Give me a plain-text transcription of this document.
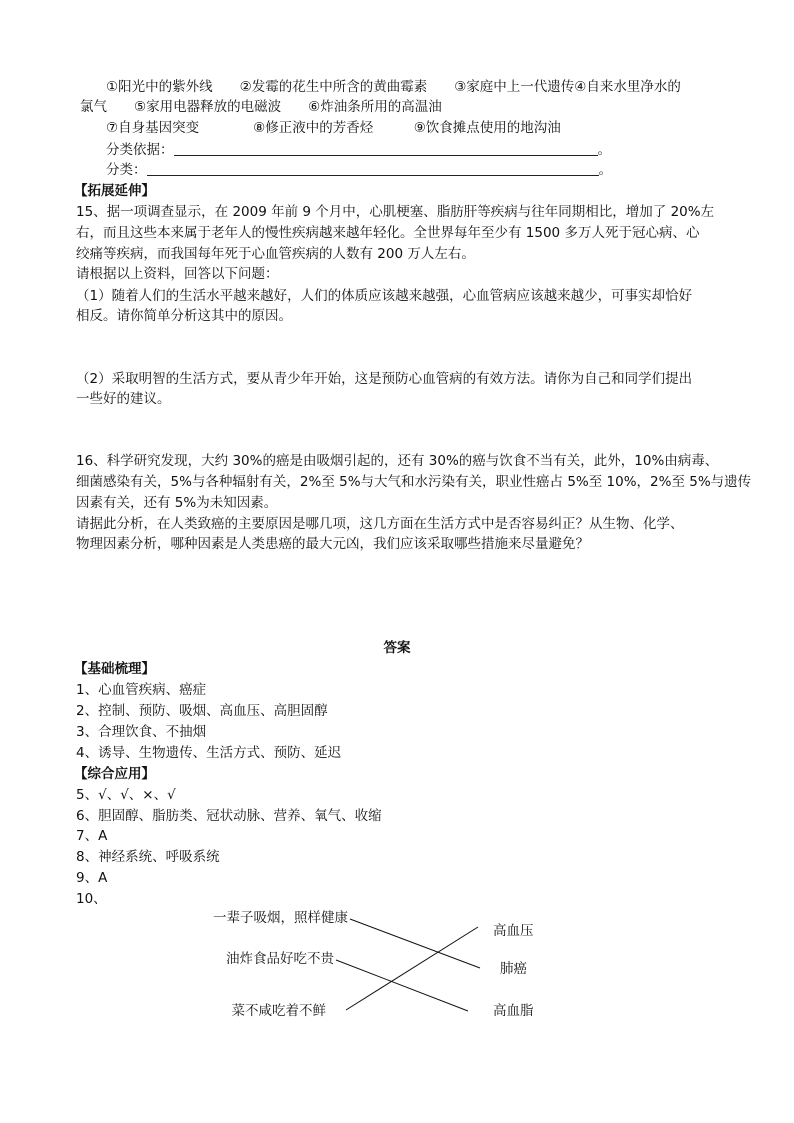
①阳光中的紫外线　　②发霉的花生中所含的黄曲霉素　　③家庭中上一代遗传④自来水里净水的
氯气　　⑤家用电器释放的电磁波　　⑥炸油条所用的高温油
⑦自身基因突变　　　　⑧修正液中的芳香烃　　　⑨饮食摊点使用的地沟油
分类依据：	。
分类：	。
【拓展延伸】
15、据一项调查显示，在 2009 年前 9 个月中，心肌梗塞、脂肪肝等疾病与往年同期相比，增加了 20%左
右，而且这些本来属于老年人的慢性疾病越来越年轻化。全世界每年至少有 1500 多万人死于冠心病、心
绞痛等疾病，而我国每年死于心血管疾病的人数有 200 万人左右。
请根据以上资料，回答以下问题：
（1）随着人们的生活水平越来越好，人们的体质应该越来越强，心血管病应该越来越少，可事实却恰好
相反。请你简单分析这其中的原因。
（2）采取明智的生活方式，要从青少年开始，这是预防心血管病的有效方法。请你为自己和同学们提出
一些好的建议。
16、科学研究发现，大约 30%的癌是由吸烟引起的，还有 30%的癌与饮食不当有关，此外，10%由病毒、
细菌感染有关，5%与各种辐射有关，2%至 5%与大气和水污染有关，职业性癌占 5%至 10%，2%至 5%与遗传
因素有关，还有 5%为未知因素。
请据此分析，在人类致癌的主要原因是哪几项，这几方面在生活方式中是否容易纠正？从生物、化学、
物理因素分析，哪种因素是人类患癌的最大元凶，我们应该采取哪些措施来尽量避免？
答案
【基础梳理】
1、心血管疾病、癌症
2、控制、预防、吸烟、高血压、高胆固醇
3、合理饮食、不抽烟
4、诱导、生物遗传、生活方式、预防、延迟
【综合应用】
5、√、√、×、√
6、胆固醇、脂肪类、冠状动脉、营养、氧气、收缩
7、A
8、神经系统、呼吸系统
9、A
10、
一辈子吸烟，照样健康
油炸食品好吃不贵
菜不咸吃着不鲜
高血压
肺癌
高血脂
